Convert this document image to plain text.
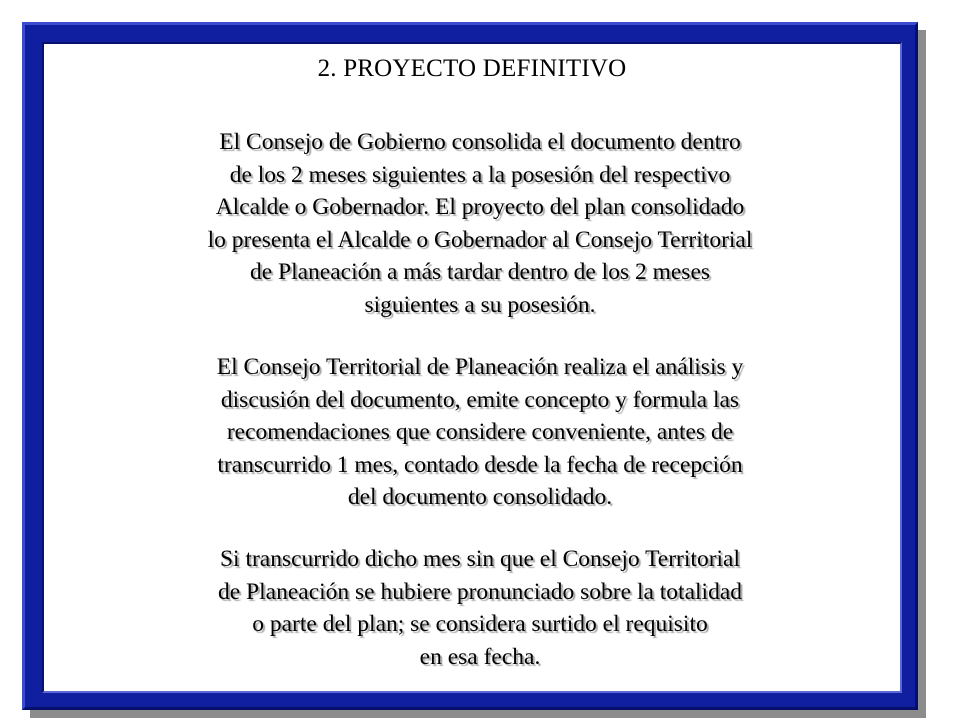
2. PROYECTO DEFINITIVO

El Consejo de Gobierno consolida el documento dentro
de los 2 meses siguientes a la posesión del respectivo
Alcalde o Gobernador. El proyecto del plan consolidado
lo presenta el Alcalde o Gobernador al Consejo Territorial
de Planeación a más tardar dentro de los 2 meses
siguientes a su posesión.

El Consejo Territorial de Planeación realiza el análisis y
discusión del documento, emite concepto y formula las
recomendaciones que considere conveniente, antes de
transcurrido 1 mes, contado desde la fecha de recepción
del documento consolidado.

Si transcurrido dicho mes sin que el Consejo Territorial
de Planeación se hubiere pronunciado sobre la totalidad
o parte del plan; se considera surtido el requisito
en esa fecha.
